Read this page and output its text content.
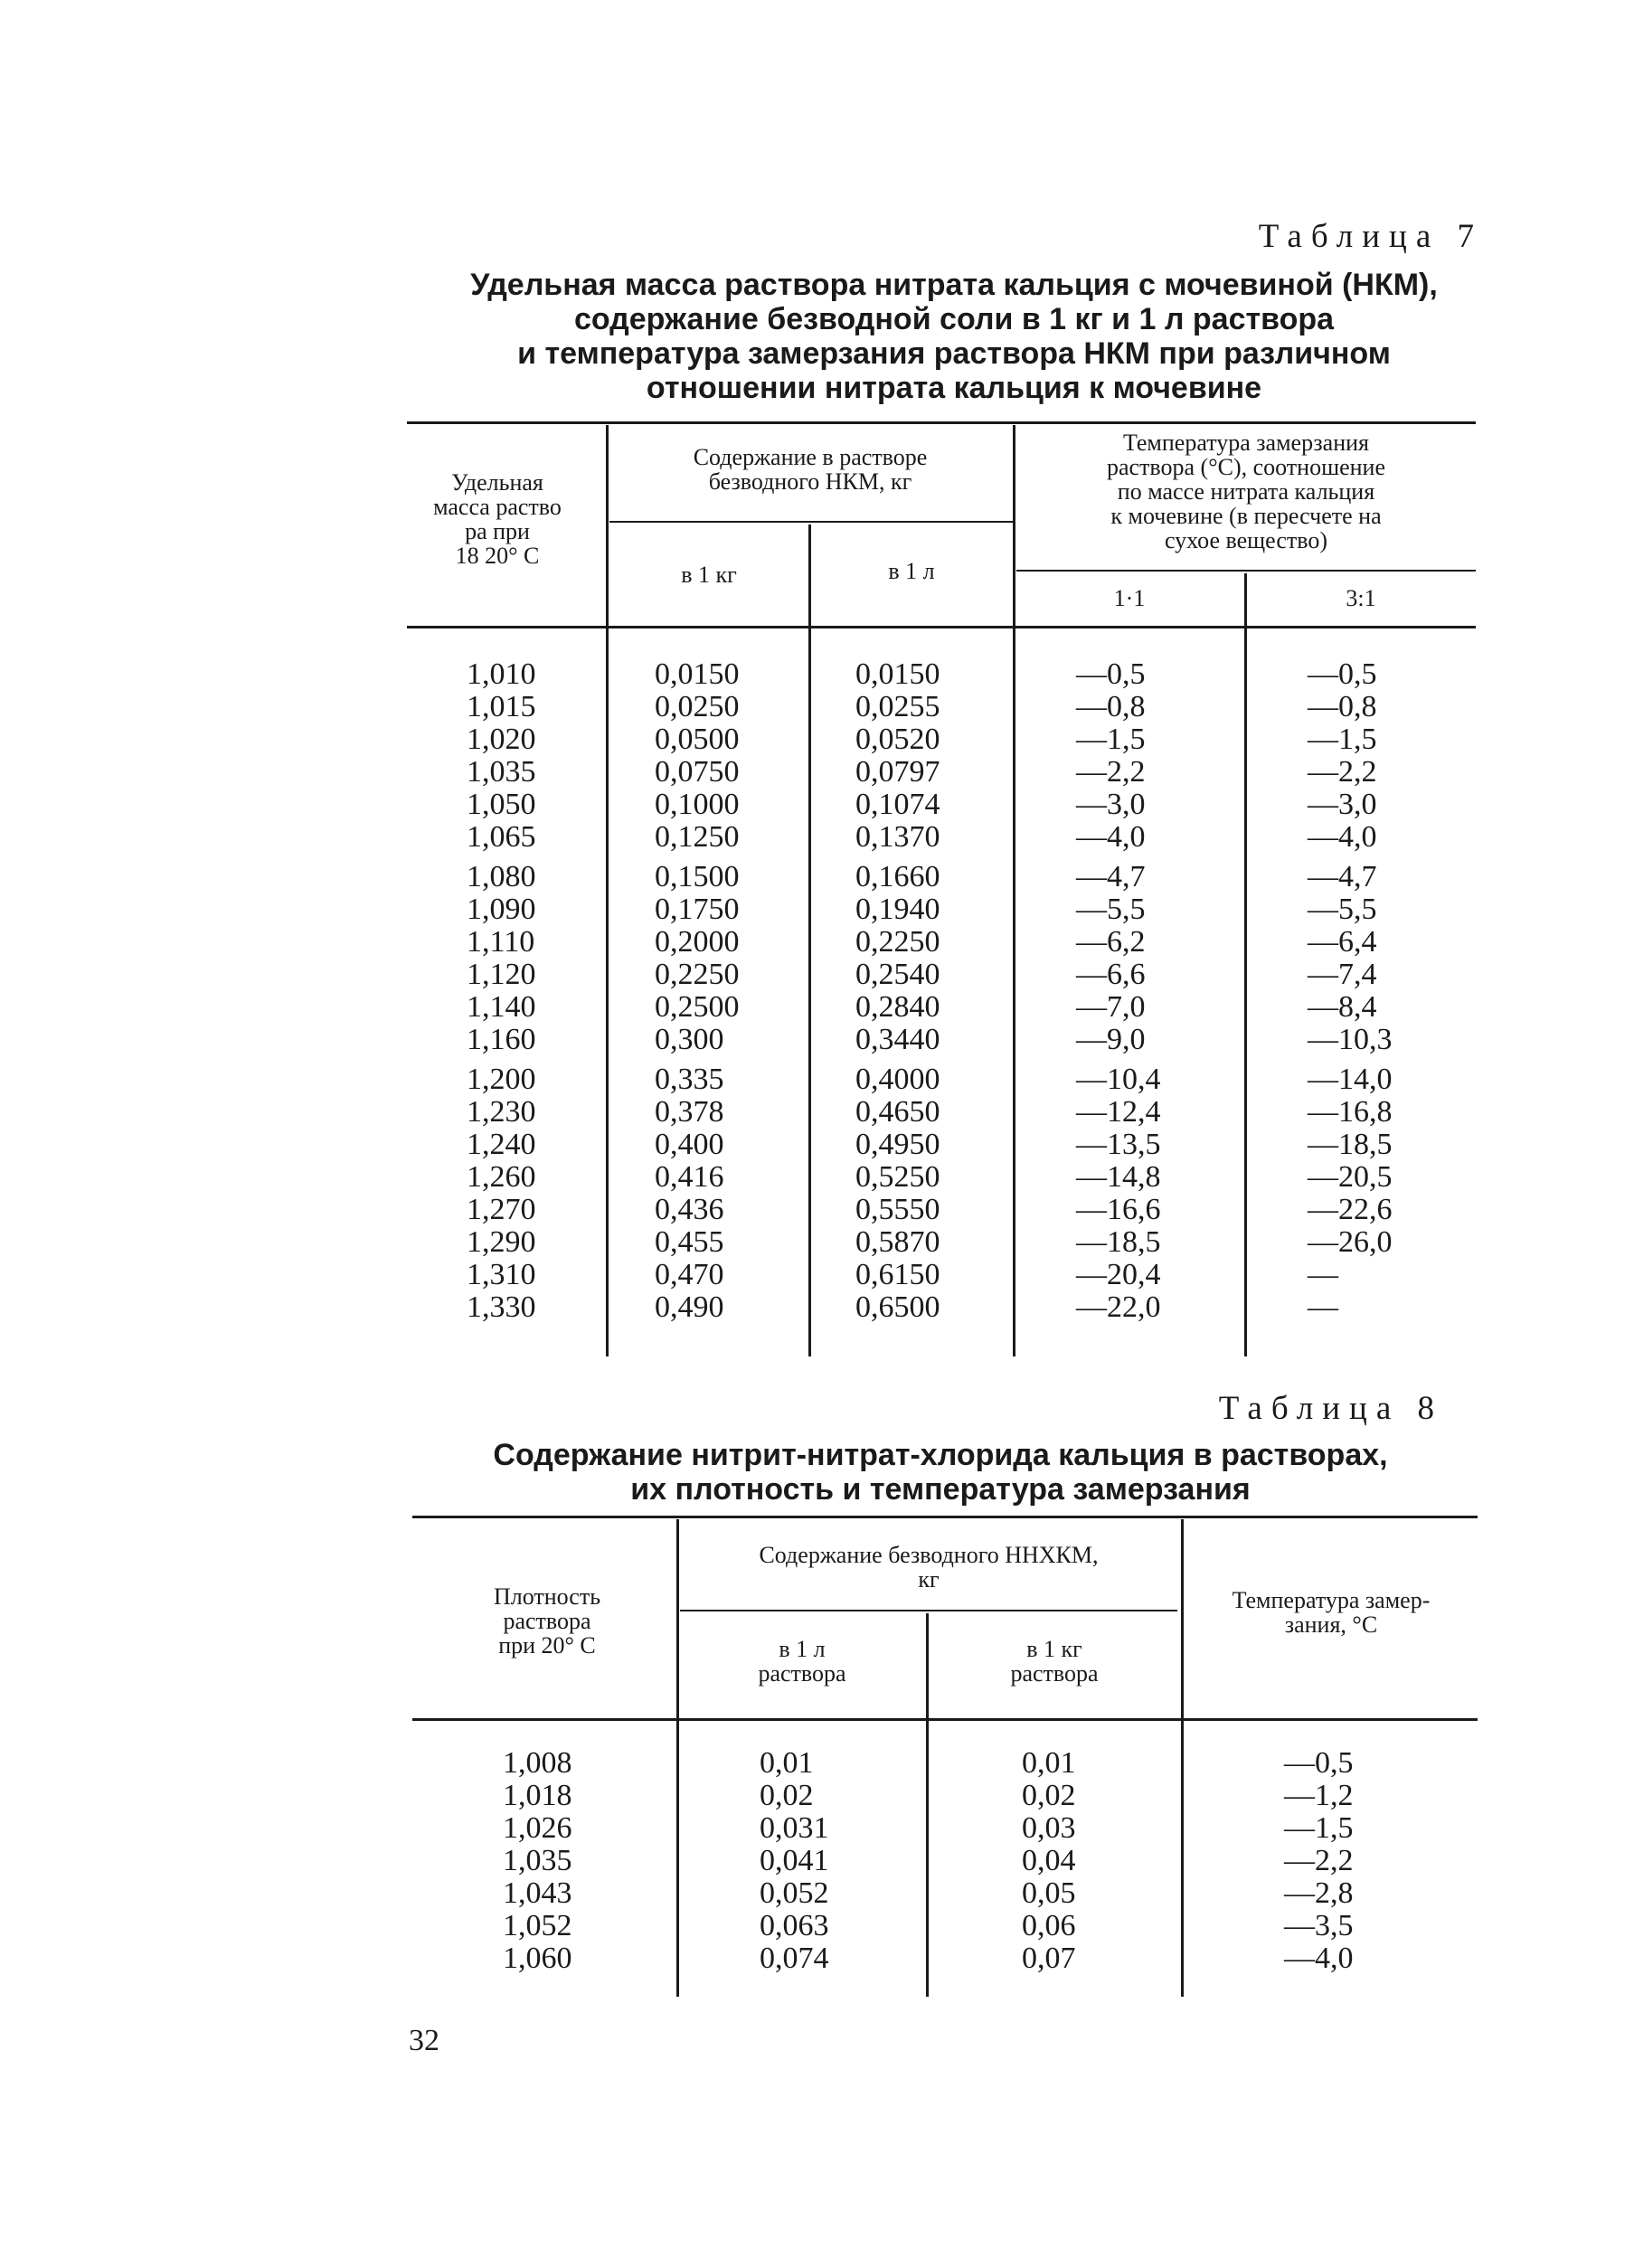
Таблица 7
Удельная масса раствора нитрата кальция с мочевиной (НКМ),
содержание безводной соли в 1 кг и 1 л раствора
и температура замерзания раствора НКМ при различном
отношении нитрата кальция к мочевине
Удельная
масса раство
ра при
18 20° С
Содержание в растворе
безводного НКМ, кг
в 1 кг	в 1 л
Температура замерзания
раствора (°С), соотношение
по массе нитрата кальция
к мочевине (в пересчете на
сухое вещество)
1·1	3:1
1,010
1,015
1,020
1,035
1,050
1,065
0,0150
0,0250
0,0500
0,0750
0,1000
0,1250
0,0150
0,0255
0,0520
0,0797
0,1074
0,1370
—0,5
—0,8
—1,5
—2,2
—3,0
—4,0
—0,5
—0,8
—1,5
—2,2
—3,0
—4,0
1,080
1,090
1,110
1,120
1,140
1,160
0,1500
0,1750
0,2000
0,2250
0,2500
0,300
0,1660
0,1940
0,2250
0,2540
0,2840
0,3440
—4,7
—5,5
—6,2
—6,6
—7,0
—9,0
—4,7
—5,5
—6,4
—7,4
—8,4
—10,3
1,200
1,230
1,240
1,260
1,270
1,290
1,310
1,330
0,335
0,378
0,400
0,416
0,436
0,455
0,470
0,490
0,4000
0,4650
0,4950
0,5250
0,5550
0,5870
0,6150
0,6500
—10,4
—12,4
—13,5
—14,8
—16,6
—18,5
—20,4
—22,0
—14,0
—16,8
—18,5
—20,5
—22,6
—26,0
—
—
Таблица 8
Содержание нитрит-нитрат-хлорида кальция в растворах,
их плотность и температура замерзания
Плотность
раствора
при 20° С
Содержание безводного ННХКМ,
кг
в 1 л
раствора
в 1 кг
раствора
Температура замер-
зания, °С
1,008
1,018
1,026
1,035
1,043
1,052
1,060
0,01
0,02
0,031
0,041
0,052
0,063
0,074
0,01
0,02
0,03
0,04
0,05
0,06
0,07
—0,5
—1,2
—1,5
—2,2
—2,8
—3,5
—4,0
32
